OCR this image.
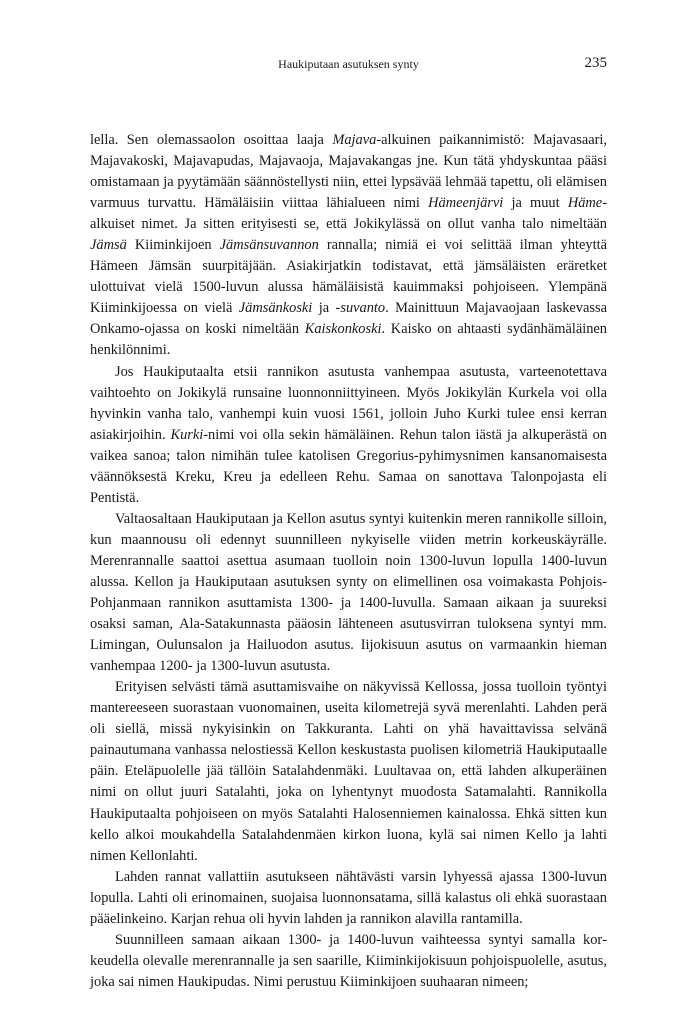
Haukiputaan asutuksen synty	235

lella. Sen olemassaolon osoittaa laaja Majava-alkuinen paikannimistö: Majavasaari, Majavakoski, Majavapudas, Majavaoja, Majavakangas jne. Kun tätä yhdyskuntaa pääsi omistamaan ja pyytämään säännöstellysti niin, ettei lypsävää lehmää tapettu, oli elämisen varmuus turvattu. Hämäläisiin viittaa lähialueen nimi Hämeenjärvi ja muut Häme-alkuiset nimet. Ja sitten erityisesti se, että Jokikylässä on ollut vanha talo nimeltään Jämsä Kiiminkijoen Jämsänsuvannon rannalla; nimiä ei voi selittää ilman yhteyttä Hämeen Jämsän suurpitäjään. Asiakirjatkin todistavat, että jämsäläisten eräretket ulottuivat vielä 1500-luvun alussa hämäläisistä kauimmaksi pohjoiseen. Ylempänä Kiiminkijoessa on vielä Jämsänkoski ja -suvanto. Mainittuun Majavaojaan laskevassa Onkamo-ojassa on koski nimeltään Kaiskonkoski. Kaisko on ahtaasti sydänhämäläinen henkilönnimi.

Jos Haukiputaalta etsii rannikon asutusta vanhempaa asutusta, varteenotettava vaihtoehto on Jokikylä runsaine luonnonniittyineen. Myös Jokikylän Kurkela voi olla hyvinkin vanha talo, vanhempi kuin vuosi 1561, jolloin Juho Kurki tulee ensi kerran asiakirjoihin. Kurki-nimi voi olla sekin hämäläinen. Rehun talon iästä ja alkuperästä on vaikea sanoa; talon nimihän tulee katolisen Gregorius-pyhimysnimen kansanomaisesta väännöksestä Kreku, Kreu ja edelleen Rehu. Samaa on sanottava Talonpojasta eli Pentistä.

Valtaosaltaan Haukiputaan ja Kellon asutus syntyi kuitenkin meren rannikolle silloin, kun maannousu oli edennyt suunnilleen nykyiselle viiden metrin korkeuskäyrälle. Merenrannalle saattoi asettua asumaan tuolloin noin 1300-luvun lopulla 1400-luvun alussa. Kellon ja Haukiputaan asutuksen synty on elimellinen osa voimakasta Pohjois-Pohjanmaan rannikon asuttamista 1300- ja 1400-luvulla. Samaan aikaan ja suureksi osaksi saman, Ala-Satakunnasta pääosin lähteneen asutusvirran tuloksena syntyi mm. Limingan, Oulunsalon ja Hailuodon asutus. Iijokisuun asutus on varmaankin hieman vanhempaa 1200- ja 1300-luvun asutusta.

Erityisen selvästi tämä asuttamisvaihe on näkyvissä Kellossa, jossa tuolloin työntyi mantereeseen suorastaan vuonomainen, useita kilometrejä syvä merenlahti. Lahden perä oli siellä, missä nykyisinkin on Takkuranta. Lahti on yhä havaittavissa selvänä painautumana vanhassa nelostiessä Kellon keskustasta puolisen kilometriä Haukiputaalle päin. Eteläpuolelle jää tällöin Satalahdenmäki. Luultavaa on, että lahden alkuperäinen nimi on ollut juuri Satalahti, joka on lyhentynyt muodosta Satamalahti. Rannikolla Haukiputaalta pohjoiseen on myös Satalahti Halosenniemen kainalossa. Ehkä sitten kun kello alkoi moukahdella Satalahdenmäen kirkon luona, kylä sai nimen Kello ja lahti nimen Kellonlahti.

Lahden rannat vallattiin asutukseen nähtävästi varsin lyhyessä ajassa 1300-luvun lopulla. Lahti oli erinomainen, suojaisa luonnonsatama, sillä kalastus oli ehkä suorastaan pääelinkeino. Karjan rehua oli hyvin lahden ja rannikon alavilla rantamilla.

Suunnilleen samaan aikaan 1300- ja 1400-luvun vaihteessa syntyi samalla korkeudella olevalle merenrannalle ja sen saarille, Kiiminkijokisuun pohjoispuolelle, asutus, joka sai nimen Haukipudas. Nimi perustuu Kiiminkijoen suuhaaran nimeen;
